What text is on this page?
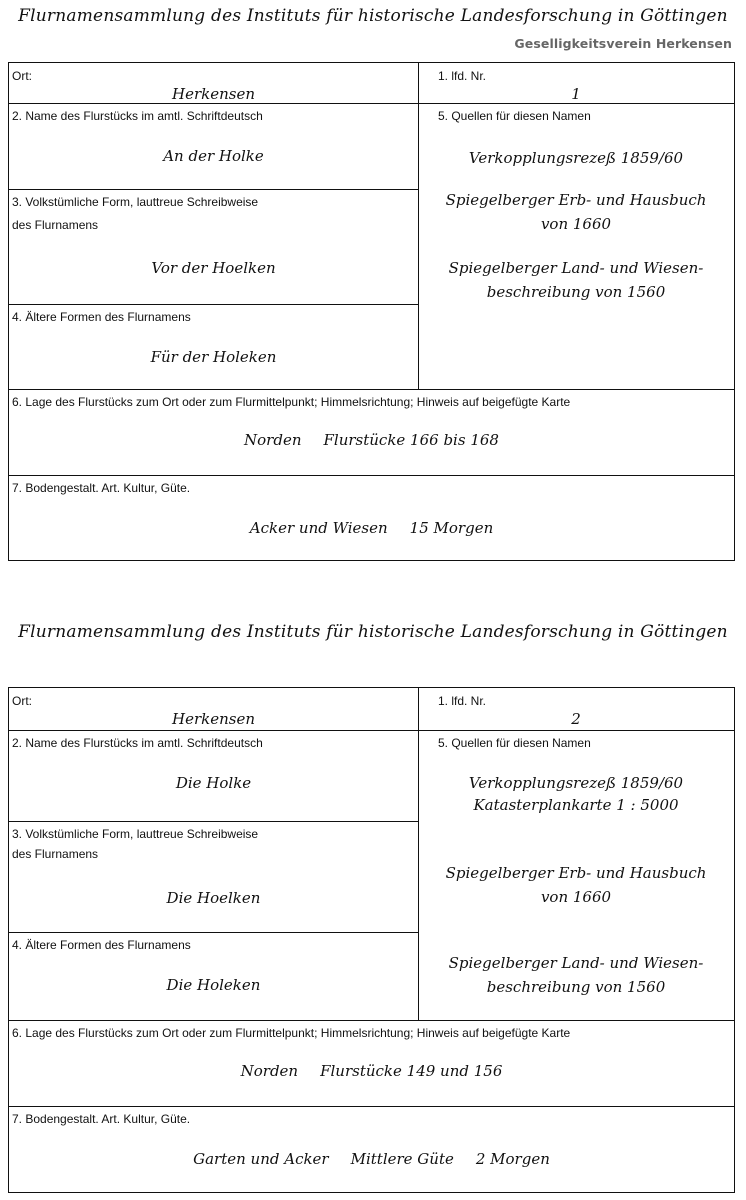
Flurnamensammlung des Instituts für historische Landesforschung in Göttingen
Geselligkeitsverein Herkensen
Ort:
Herkensen
1. lfd. Nr.
1
2. Name des Flurstücks im amtl. Schriftdeutsch
An der Holke
3. Volkstümliche Form, lauttreue Schreibweise
des Flurnamens
Vor der Hoelken
4. Ältere Formen des Flurnamens
Für der Holeken
5. Quellen für diesen Namen
Verkopplungsrezeß 1859/60
Spiegelberger Erb- und Hausbuch
von 1660
Spiegelberger Land- und Wiesen-
beschreibung von 1560
6. Lage des Flurstücks zum Ort oder zum Flurmittelpunkt; Himmelsrichtung; Hinweis auf beigefügte Karte
Norden Flurstücke 166 bis 168
7. Bodengestalt. Art. Kultur, Güte.
Acker und Wiesen 15 Morgen
Flurnamensammlung des Instituts für historische Landesforschung in Göttingen
Ort:
Herkensen
1. lfd. Nr.
2
2. Name des Flurstücks im amtl. Schriftdeutsch
Die Holke
3. Volkstümliche Form, lauttreue Schreibweise
des Flurnamens
Die Hoelken
4. Ältere Formen des Flurnamens
Die Holeken
5. Quellen für diesen Namen
Verkopplungsrezeß 1859/60
Katasterplankarte 1 : 5000
Spiegelberger Erb- und Hausbuch
von 1660
Spiegelberger Land- und Wiesen-
beschreibung von 1560
6. Lage des Flurstücks zum Ort oder zum Flurmittelpunkt; Himmelsrichtung; Hinweis auf beigefügte Karte
Norden Flurstücke 149 und 156
7. Bodengestalt. Art. Kultur, Güte.
Garten und Acker Mittlere Güte 2 Morgen
